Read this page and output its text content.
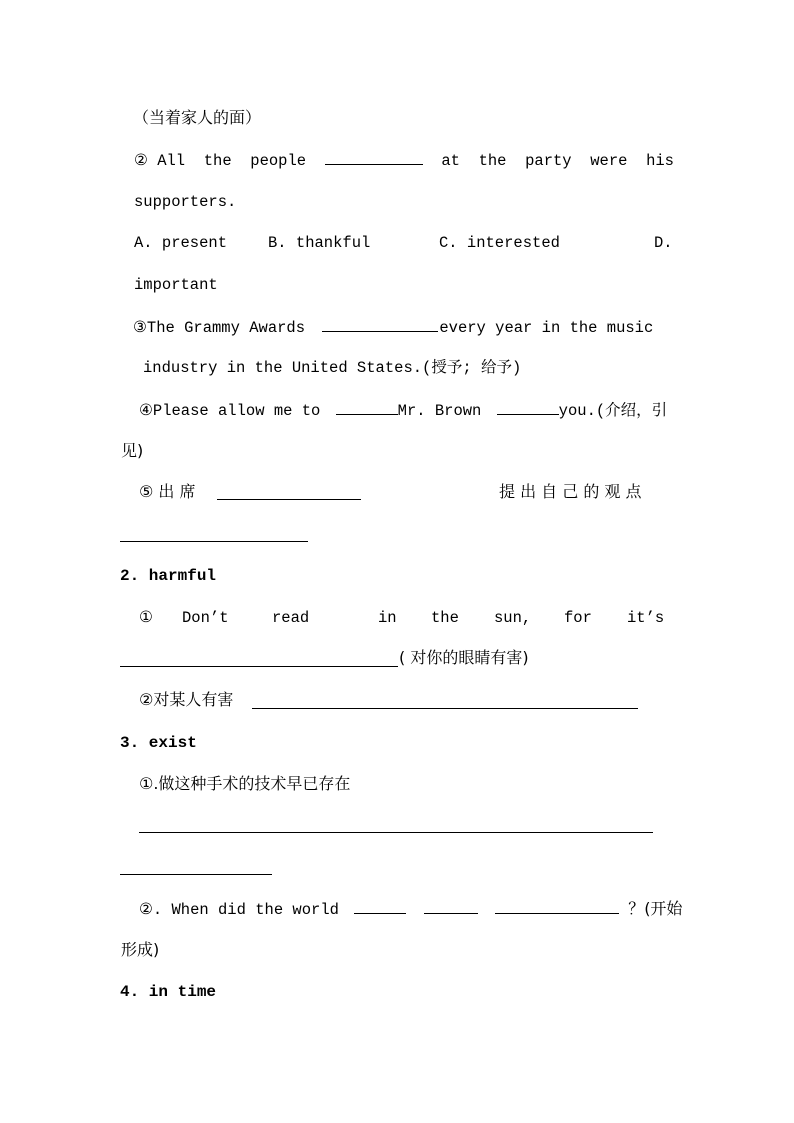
（当着家人的面）
② All the people	at the party were his
supporters.
A. present	B. thankful	C. interested	D.
important
③The Grammy Awards	every year in the music
industry in the United States.(授予; 给予)
④Please allow me to	Mr. Brown	you.(介绍，引
见)
⑤ 出 席	提 出 自 己 的 观 点
2. harmful
① Don’t	read	in the sun, for it’s
( 对你的眼睛有害)
②对某人有害
3. exist
①.做这种手术的技术早已存在
②. When did the world	？(开始
形成)
4. in time
